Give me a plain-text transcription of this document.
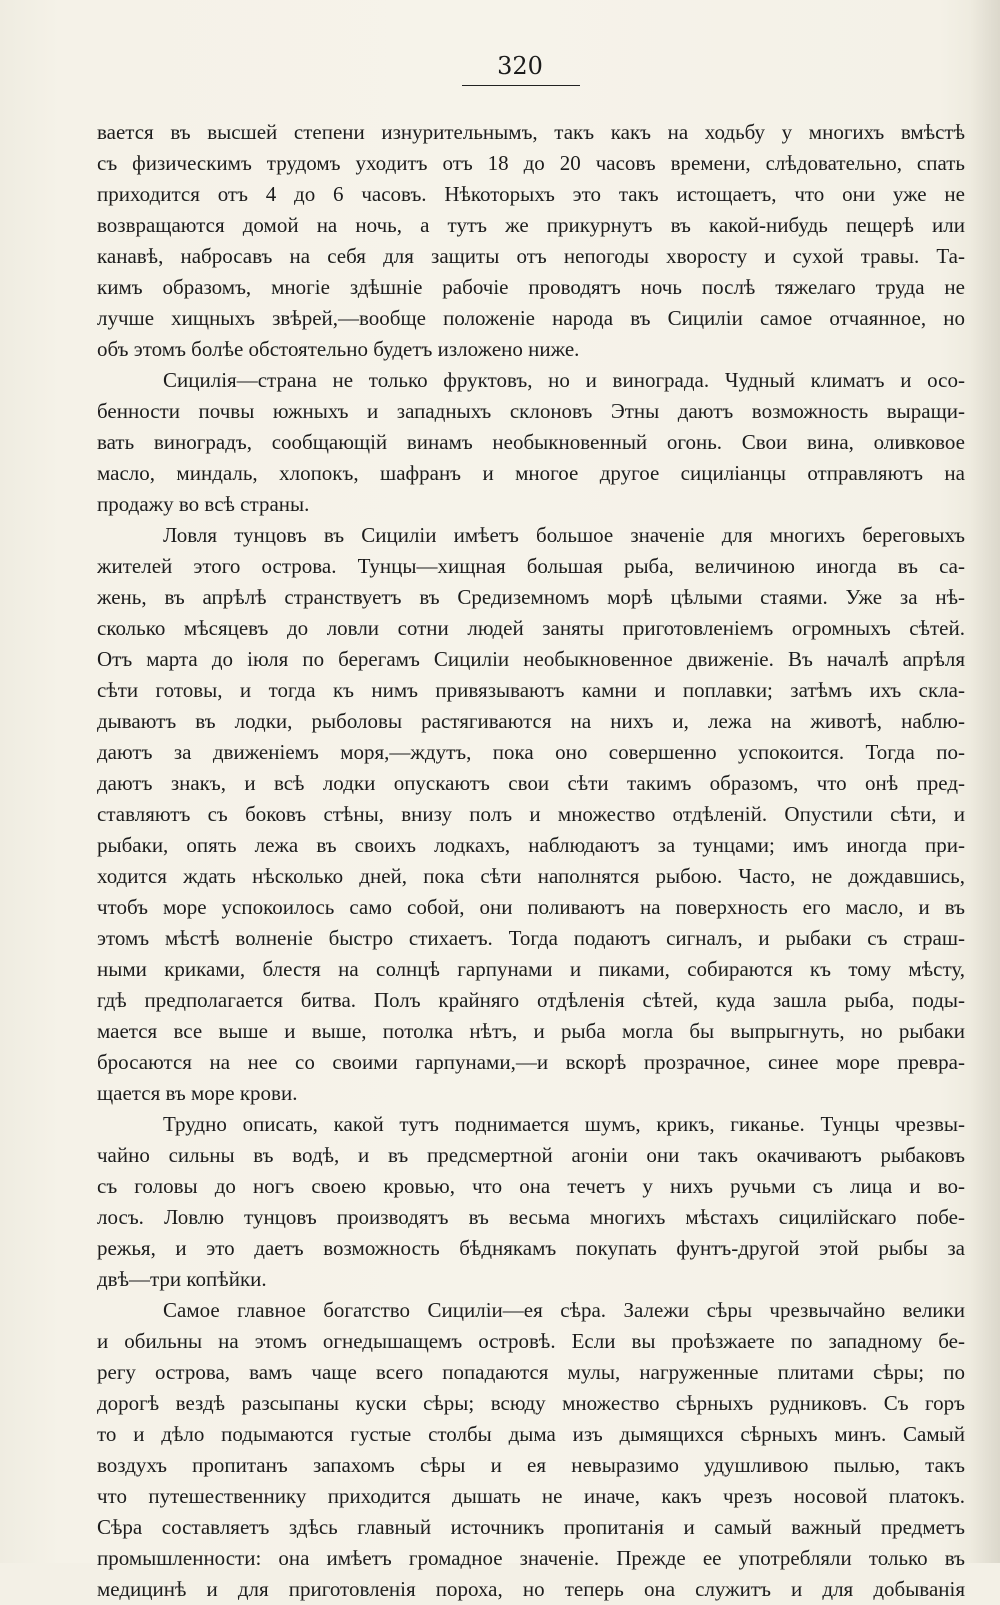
320
вается въ высшей степени изнурительнымъ, такъ какъ на ходьбу у многихъ вмѣстѣ
съ физическимъ трудомъ уходитъ отъ 18 до 20 часовъ времени, слѣдовательно, спать
приходится отъ 4 до 6 часовъ. Нѣкоторыхъ это такъ истощаетъ, что они уже не
возвращаются домой на ночь, а тутъ же прикурнутъ въ какой-нибудь пещерѣ или
канавѣ, набросавъ на себя для защиты отъ непогоды хворосту и сухой травы. Та-
кимъ образомъ, многiе здѣшнiе рабочiе проводятъ ночь послѣ тяжелаго труда не
лучше хищныхъ звѣрей,—вообще положенiе народа въ Сицилiи самое отчаянное, но
объ этомъ болѣе обстоятельно будетъ изложено ниже.
Сицилiя—страна не только фруктовъ, но и винограда. Чудный климатъ и осо-
бенности почвы южныхъ и западныхъ склоновъ Этны даютъ возможность выращи-
вать виноградъ, сообщающiй винамъ необыкновенный огонь. Свои вина, оливковое
масло, миндаль, хлопокъ, шафранъ и многое другое сицилiанцы отправляютъ на
продажу во всѣ страны.
Ловля тунцовъ въ Сицилiи имѣетъ большое значенiе для многихъ береговыхъ
жителей этого острова. Тунцы—хищная большая рыба, величиною иногда въ са-
жень, въ апрѣлѣ странствуетъ въ Средиземномъ морѣ цѣлыми стаями. Уже за нѣ-
сколько мѣсяцевъ до ловли сотни людей заняты приготовленiемъ огромныхъ сѣтей.
Отъ марта до iюля по берегамъ Сицилiи необыкновенное движенiе. Въ началѣ апрѣля
сѣти готовы, и тогда къ нимъ привязываютъ камни и поплавки; затѣмъ ихъ скла-
дываютъ въ лодки, рыболовы растягиваются на нихъ и, лежа на животѣ, наблю-
даютъ за движенiемъ моря,—ждутъ, пока оно совершенно успокоится. Тогда по-
даютъ знакъ, и всѣ лодки опускаютъ свои сѣти такимъ образомъ, что онѣ пред-
ставляютъ съ боковъ стѣны, внизу полъ и множество отдѣленiй. Опустили сѣти, и
рыбаки, опять лежа въ своихъ лодкахъ, наблюдаютъ за тунцами; имъ иногда при-
ходится ждать нѣсколько дней, пока сѣти наполнятся рыбою. Часто, не дождавшись,
чтобъ море успокоилось само собой, они поливаютъ на поверхность его масло, и въ
этомъ мѣстѣ волненiе быстро стихаетъ. Тогда подаютъ сигналъ, и рыбаки съ страш-
ными криками, блестя на солнцѣ гарпунами и пиками, собираются къ тому мѣсту,
гдѣ предполагается битва. Полъ крайняго отдѣленiя сѣтей, куда зашла рыба, поды-
мается все выше и выше, потолка нѣтъ, и рыба могла бы выпрыгнуть, но рыбаки
бросаются на нее со своими гарпунами,—и вскорѣ прозрачное, синее море превра-
щается въ море крови.
Трудно описать, какой тутъ поднимается шумъ, крикъ, гиканье. Тунцы чрезвы-
чайно сильны въ водѣ, и въ предсмертной агонiи они такъ окачиваютъ рыбаковъ
съ головы до ногъ своею кровью, что она течетъ у нихъ ручьми съ лица и во-
лосъ. Ловлю тунцовъ производятъ въ весьма многихъ мѣстахъ сицилiйскаго побе-
режья, и это даетъ возможность бѣднякамъ покупать фунтъ-другой этой рыбы за
двѣ—три копѣйки.
Самое главное богатство Сицилiи—ея сѣра. Залежи сѣры чрезвычайно велики
и обильны на этомъ огнедышащемъ островѣ. Если вы проѣзжаете по западному бе-
регу острова, вамъ чаще всего попадаются мулы, нагруженные плитами сѣры; по
дорогѣ вездѣ разсыпаны куски сѣры; всюду множество сѣрныхъ рудниковъ. Съ горъ
то и дѣло подымаются густые столбы дыма изъ дымящихся сѣрныхъ минъ. Самый
воздухъ пропитанъ запахомъ сѣры и ея невыразимо удушливою пылью, такъ
что путешественнику приходится дышать не иначе, какъ чрезъ носовой платокъ.
Сѣра составляетъ здѣсь главный источникъ пропитанiя и самый важный предметъ
промышленности: она имѣетъ громадное значенiе. Прежде ее употребляли только въ
медицинѣ и для приготовленiя пороха, но теперь она служитъ и для добыванiя
